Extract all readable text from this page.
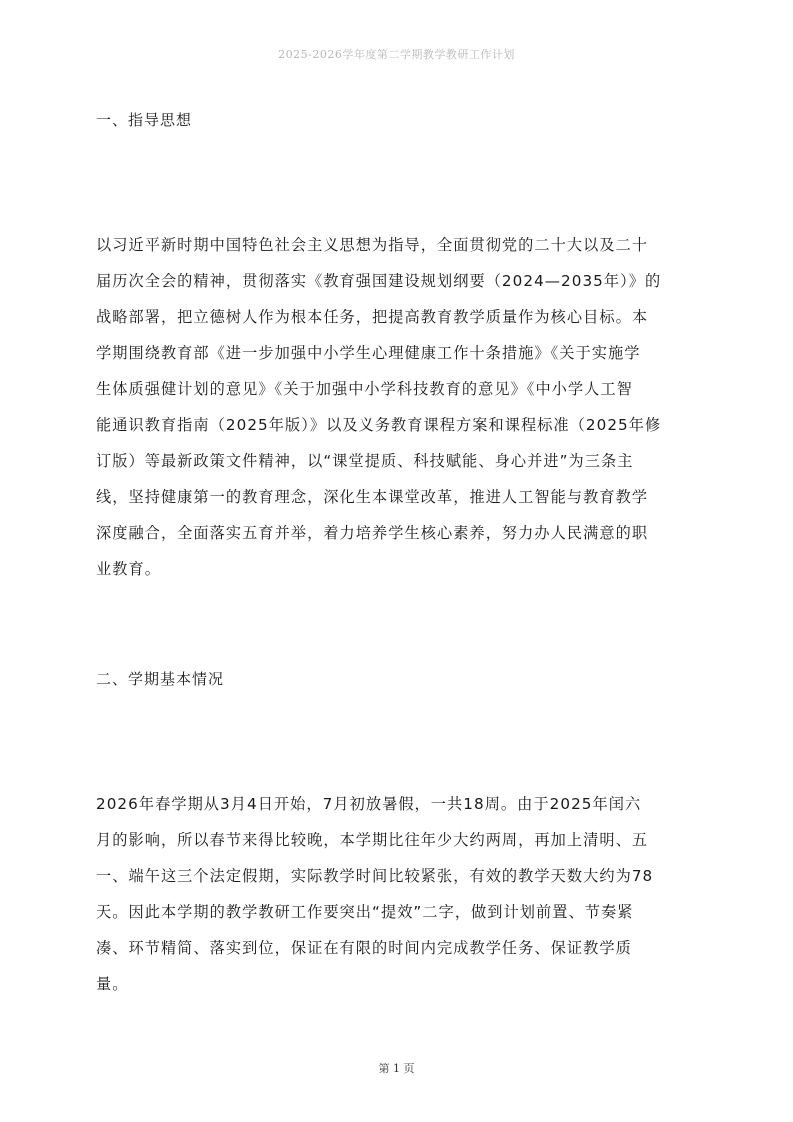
2025-2026学年度第二学期教学教研工作计划
一、指导思想
以习近平新时期中国特色社会主义思想为指导，全面贯彻党的二十大以及二十
届历次全会的精神，贯彻落实《教育强国建设规划纲要（2024—2035年）》的
战略部署，把立德树人作为根本任务，把提高教育教学质量作为核心目标。本
学期围绕教育部《进一步加强中小学生心理健康工作十条措施》《关于实施学
生体质强健计划的意见》《关于加强中小学科技教育的意见》《中小学人工智
能通识教育指南（2025年版）》以及义务教育课程方案和课程标准（2025年修
订版）等最新政策文件精神，以“课堂提质、科技赋能、身心并进”为三条主
线，坚持健康第一的教育理念，深化生本课堂改革，推进人工智能与教育教学
深度融合，全面落实五育并举，着力培养学生核心素养，努力办人民满意的职
业教育。
二、学期基本情况
2026年春学期从3月4日开始，7月初放暑假，一共18周。由于2025年闰六
月的影响，所以春节来得比较晚，本学期比往年少大约两周，再加上清明、五
一、端午这三个法定假期，实际教学时间比较紧张，有效的教学天数大约为78
天。因此本学期的教学教研工作要突出“提效”二字，做到计划前置、节奏紧
凑、环节精简、落实到位，保证在有限的时间内完成教学任务、保证教学质
量。
第 1 页
